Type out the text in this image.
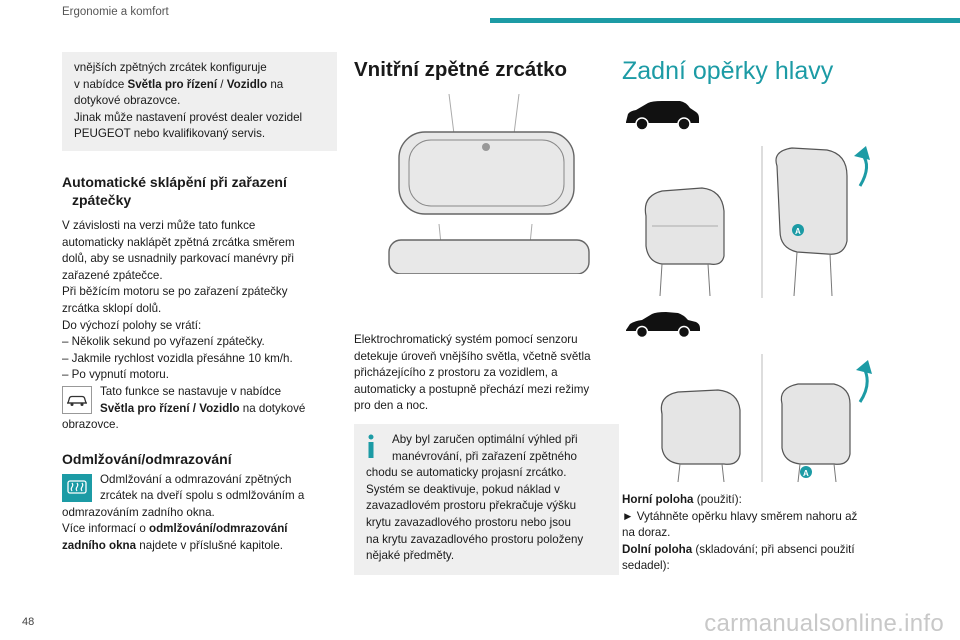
Ergonomie a komfort

vnějších zpětných zrcátek konfiguruje

v nabídce Světla pro řízení / Vozidlo na

dotykové obrazovce.

Jinak může nastavení provést dealer vozidel

PEUGEOT nebo kvalifikovaný servis.

Automatické sklápění při zařazení
zpátečky
V závislosti na verzi může tato funkce
automaticky naklápět zpětná zrcátka směrem
dolů, aby se usnadnily parkovací manévry při
zařazené zpátečce.
Při běžícím motoru se po zařazení zpátečky
zrcátka sklopí dolů.
Do výchozí polohy se vrátí:
– Několik sekund po vyřazení zpátečky.
– Jakmile rychlost vozidla přesáhne 10 km/h.
– Po vypnutí motoru.
Tato funkce se nastavuje v nabídce
Světla pro řízení / Vozidlo na dotykové
obrazovce.
Odmlžování/odmrazování
Odmlžování a odmrazování zpětných
zrcátek na dveří spolu s odmlžováním a
odmrazováním zadního okna.
Více informací o odmlžování/odmrazování
zadního okna najdete v příslušné kapitole.
Vnitřní zpětné zrcátko
Elektrochromatický systém pomocí senzoru
detekuje úroveň vnějšího světla, včetně světla
přicházejícího z prostoru za vozidlem, a
automaticky a postupně přechází mezi režimy
pro den a noc.
Aby byl zaručen optimální výhled při
manévrování, při zařazení zpětného
chodu se automaticky projasní zrcátko.
Systém se deaktivuje, pokud náklad v
zavazadlovém prostoru překračuje výšku
krytu zavazadlového prostoru nebo jsou
na krytu zavazadlového prostoru položeny
nějaké předměty.
Zadní opěrky hlavy
A
A
Horní poloha (použití):
► Vytáhněte opěrku hlavy směrem nahoru až
na doraz.
Dolní poloha (skladování; při absenci použití
sedadel):
48	carmanualsonline.info
